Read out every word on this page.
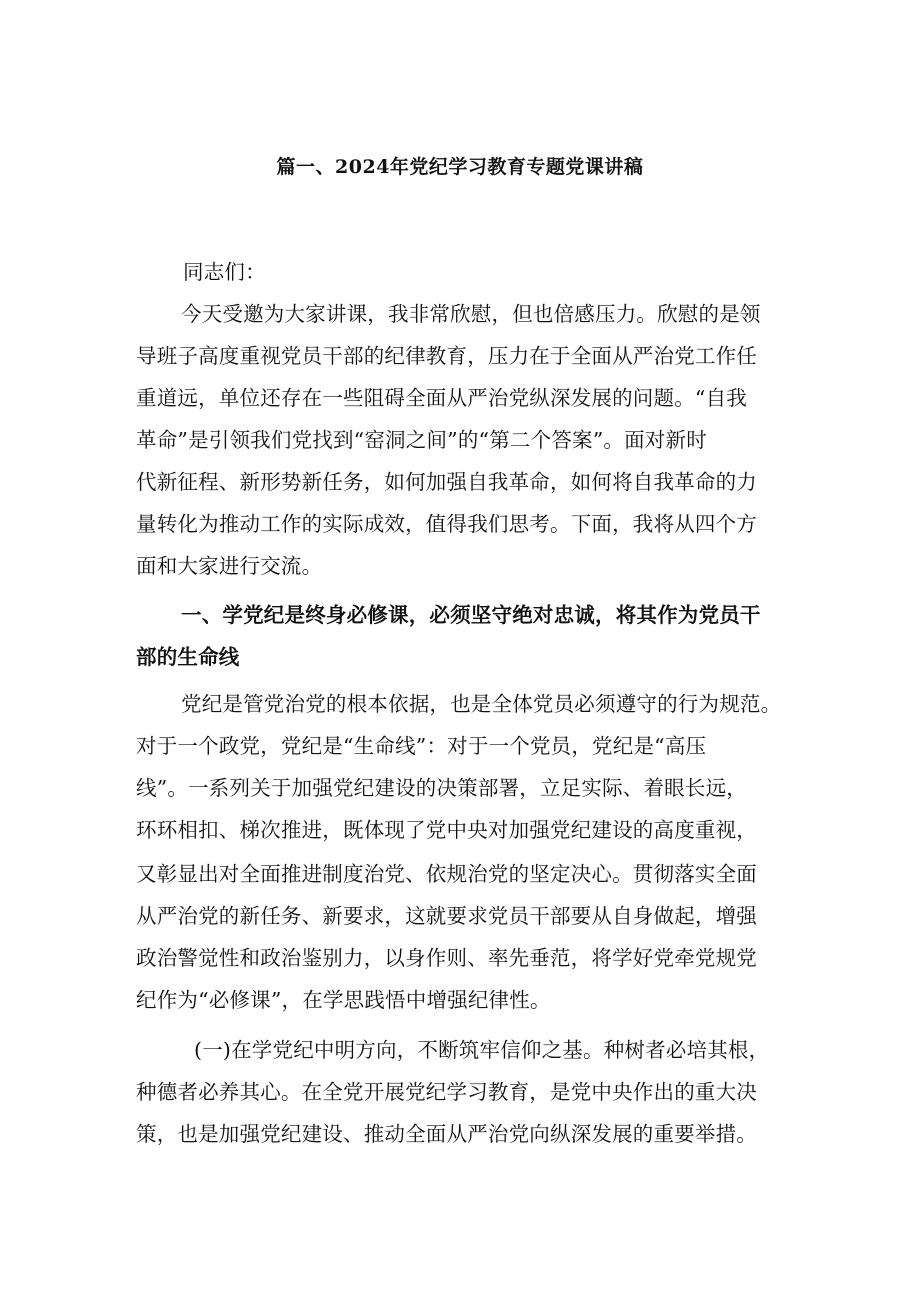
篇一、2024年党纪学习教育专题党课讲稿
同志们：
今天受邀为大家讲课，我非常欣慰，但也倍感压力。欣慰的是领
导班子高度重视党员干部的纪律教育，压力在于全面从严治党工作任
重道远，单位还存在一些阻碍全面从严治党纵深发展的问题。“自我
革命”是引领我们党找到“窑洞之间”的“第二个答案”。面对新时
代新征程、新形势新任务，如何加强自我革命，如何将自我革命的力
量转化为推动工作的实际成效，值得我们思考。下面，我将从四个方
面和大家进行交流。
一、学党纪是终身必修课，必须坚守绝对忠诚，将其作为党员干
部的生命线
党纪是管党治党的根本依据，也是全体党员必须遵守的行为规范。
对于一个政党，党纪是“生命线”：对于一个党员，党纪是“高压
线”。一系列关于加强党纪建设的决策部署，立足实际、着眼长远，
环环相扣、梯次推进，既体现了党中央对加强党纪建设的高度重视，
又彰显出对全面推进制度治党、依规治党的坚定决心。贯彻落实全面
从严治党的新任务、新要求，这就要求党员干部要从自身做起，增强
政治警觉性和政治鉴别力，以身作则、率先垂范，将学好党牵党规党
纪作为“必修课”，在学思践悟中增强纪律性。
(一)在学党纪中明方向，不断筑牢信仰之基。种树者必培其根，
种德者必养其心。在全党开展党纪学习教育，是党中央作出的重大决
策，也是加强党纪建设、推动全面从严治党向纵深发展的重要举措。
